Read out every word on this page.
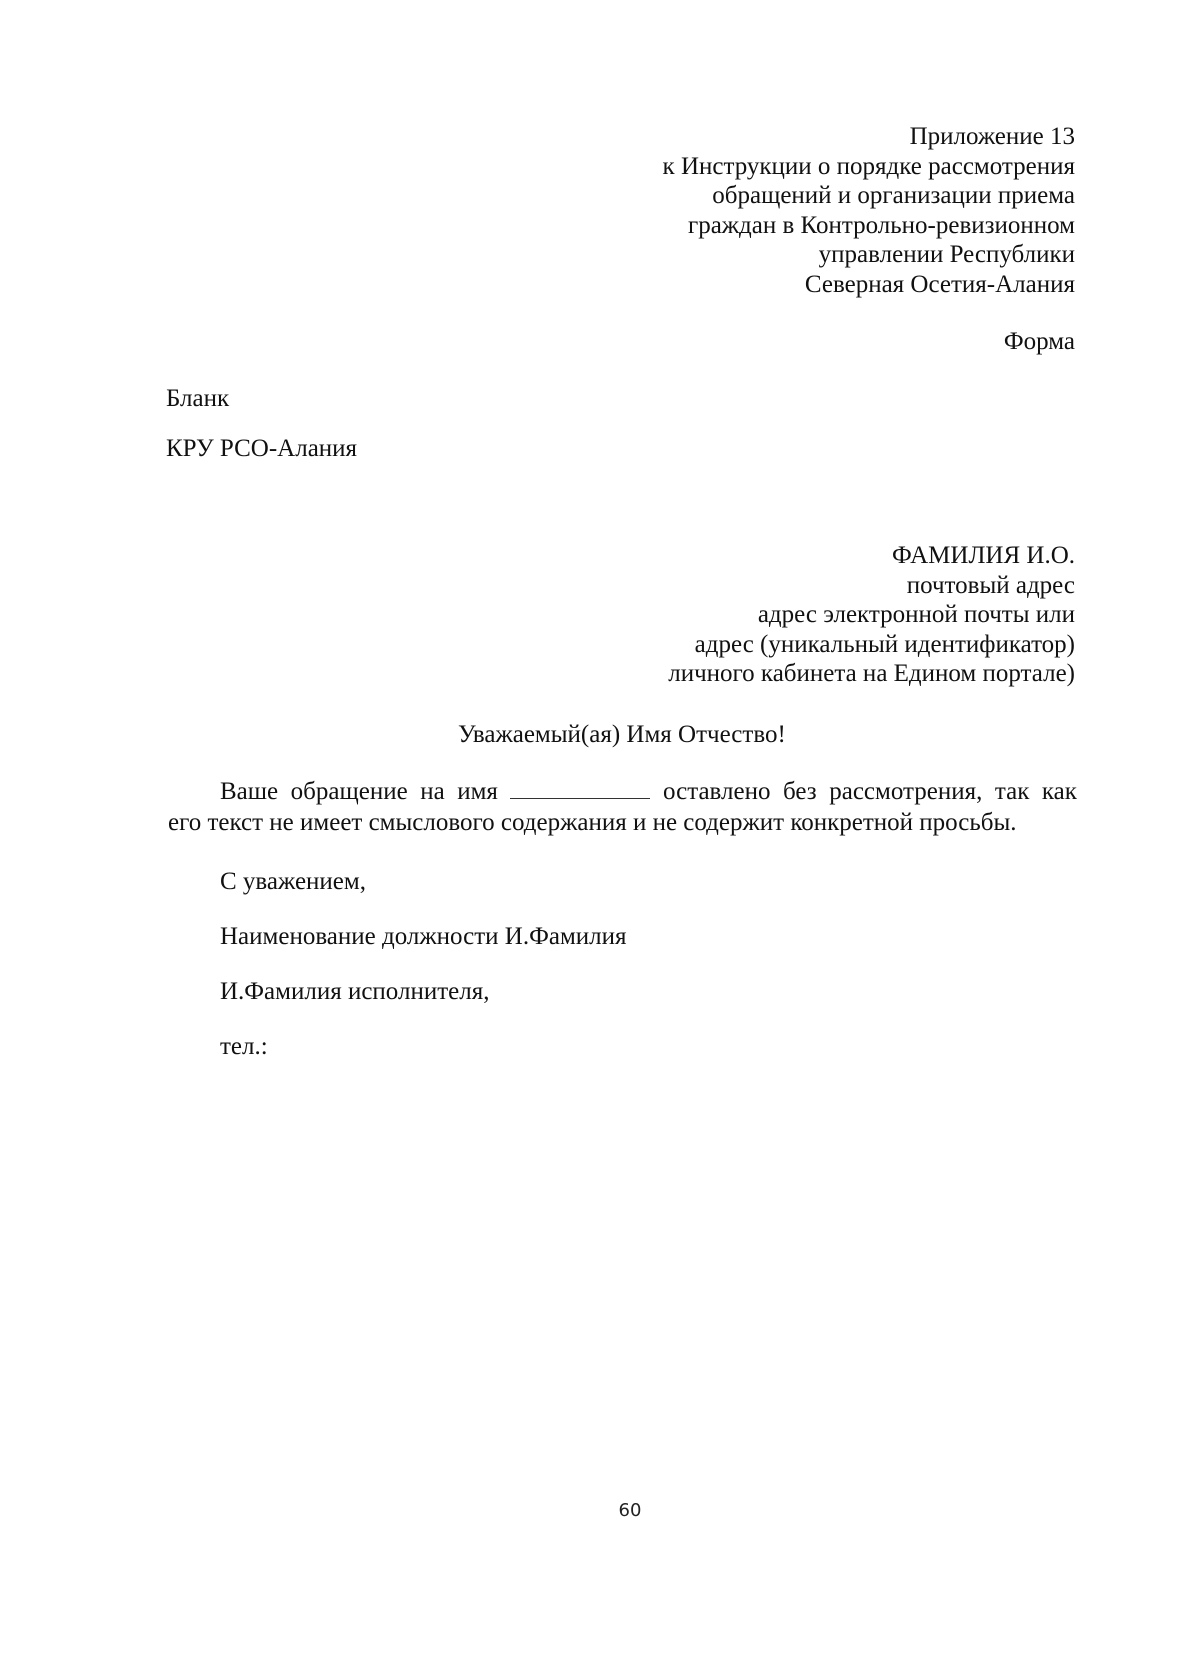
Приложение 13
к Инструкции о порядке рассмотрения
обращений и организации приема
граждан в Контрольно-ревизионном
управлении Республики
Северная Осетия-Алания
Форма
Бланк
КРУ РСО-Алания
ФАМИЛИЯ И.О.
почтовый адрес
адрес электронной почты или
адрес (уникальный идентификатор)
личного кабинета на Едином портале)
Уважаемый(ая) Имя Отчество!
Ваше обращение на имя	оставлено без рассмотрения, так как
его текст не имеет смыслового содержания и не содержит конкретной просьбы.
С уважением,
Наименование должности И.Фамилия
И.Фамилия исполнителя,
тел.:
60
